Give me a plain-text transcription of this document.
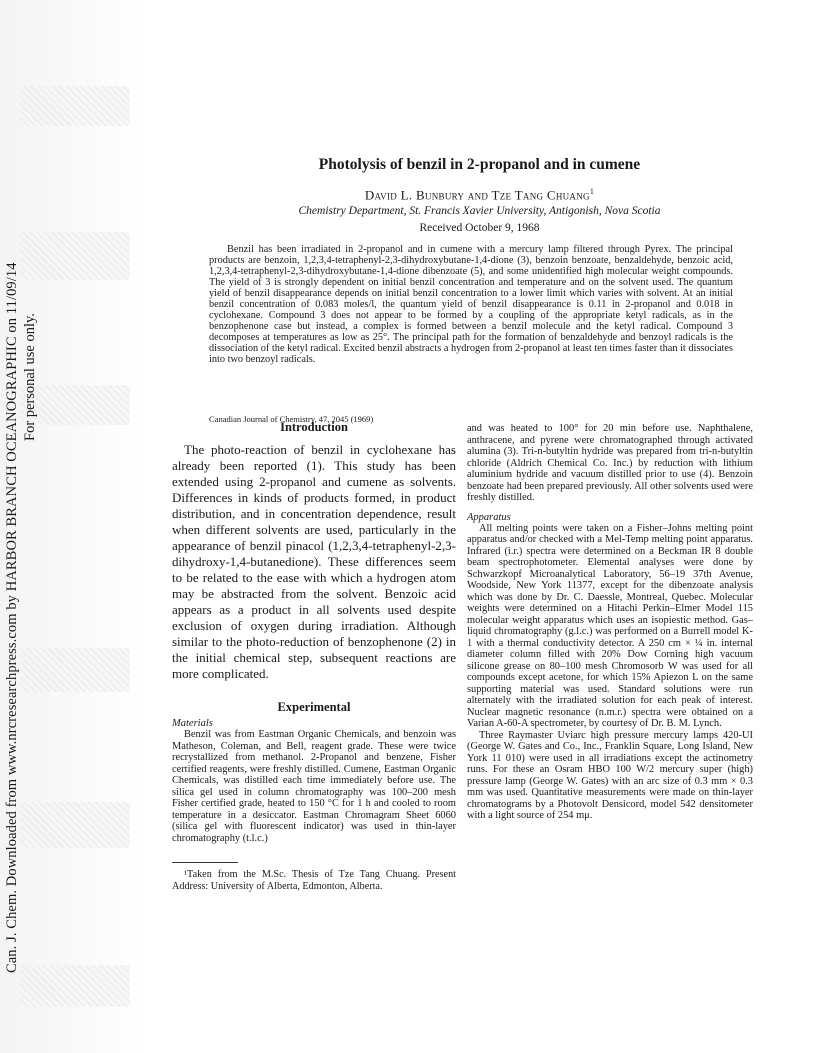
Can. J. Chem. Downloaded from www.nrcresearchpress.com by HARBOR BRANCH OCEANOGRAPHIC on 11/09/14 For personal use only.
Photolysis of benzil in 2-propanol and in cumene
David L. Bunbury and Tze Tang Chuang$^1$
Chemistry Department, St. Francis Xavier University, Antigonish, Nova Scotia
Received October 9, 1968
Benzil has been irradiated in 2-propanol and in cumene with a mercury lamp filtered through Pyrex. The principal products are benzoin, 1,2,3,4-tetraphenyl-2,3-dihydroxybutane-1,4-dione (3), benzoin benzoate, benzaldehyde, benzoic acid, 1,2,3,4-tetraphenyl-2,3-dihydroxybutane-1,4-dione dibenzoate (5), and some unidentified high molecular weight compounds. The yield of 3 is strongly dependent on initial benzil concentration and temperature and on the solvent used. The quantum yield of benzil disappearance depends on initial benzil concentration to a lower limit which varies with solvent. At an initial benzil concentration of 0.083 moles/l, the quantum yield of benzil disappearance is 0.11 in 2-propanol and 0.018 in cyclohexane. Compound 3 does not appear to be formed by a coupling of the appropriate ketyl radicals, as in the benzophenone case but instead, a complex is formed between a benzil molecule and the ketyl radical. Compound 3 decomposes at temperatures as low as 25°. The principal path for the formation of benzaldehyde and benzoyl radicals is the dissociation of the ketyl radical. Excited benzil abstracts a hydrogen from 2-propanol at least ten times faster than it dissociates into two benzoyl radicals.
Canadian Journal of Chemistry, 47, 2045 (1969)
Introduction

The photo-reaction of benzil in cyclohexane has already been reported (1). This study has been extended using 2-propanol and cumene as solvents. Differences in kinds of products formed, in product distribution, and in concentration dependence, result when different solvents are used, particularly in the appearance of benzil pinacol (1,2,3,4-tetraphenyl-2,3-dihydroxy-1,4-butanedione). These differences seem to be related to the ease with which a hydrogen atom may be abstracted from the solvent. Benzoic acid appears as a product in all solvents used despite exclusion of oxygen during irradiation. Although similar to the photo-reduction of benzophenone (2) in the initial chemical step, subsequent reactions are more complicated.

Experimental

Materials

Benzil was from Eastman Organic Chemicals, and benzoin was Matheson, Coleman, and Bell, reagent grade. These were twice recrystallized from methanol. 2-Propanol and benzene, Fisher certified reagents, were freshly distilled. Cumene, Eastman Organic Chemicals, was distilled each time immediately before use. The silica gel used in column chromatography was 100–200 mesh Fisher certified grade, heated to 150 °C for 1 h and cooled to room temperature in a desiccator. Eastman Chromagram Sheet 6060 (silica gel with fluorescent indicator) was used in thin-layer chromatography (t.l.c.)

¹Taken from the M.Sc. Thesis of Tze Tang Chuang. Present Address: University of Alberta, Edmonton, Alberta.

and was heated to 100° for 20 min before use. Naphthalene, anthracene, and pyrene were chromatographed through activated alumina (3). Tri-n-butyltin hydride was prepared from tri-n-butyltin chloride (Aldrich Chemical Co. Inc.) by reduction with lithium aluminium hydride and vacuum distilled prior to use (4). Benzoin benzoate had been prepared previously. All other solvents used were freshly distilled.

Apparatus

All melting points were taken on a Fisher–Johns melting point apparatus and/or checked with a Mel-Temp melting point apparatus. Infrared (i.r.) spectra were determined on a Beckman IR 8 double beam spectrophotometer. Elemental analyses were done by Schwarzkopf Microanalytical Laboratory, 56–19 37th Avenue, Woodside, New York 11377, except for the dibenzoate analysis which was done by Dr. C. Daessle, Montreal, Quebec. Molecular weights were determined on a Hitachi Perkin–Elmer Model 115 molecular weight apparatus which uses an isopiestic method. Gas–liquid chromatography (g.l.c.) was performed on a Burrell model K-1 with a thermal conductivity detector. A 250 cm × ¼ in. internal diameter column filled with 20% Dow Corning high vacuum silicone grease on 80–100 mesh Chromosorb W was used for all compounds except acetone, for which 15% Apiezon L on the same supporting material was used. Standard solutions were run alternately with the irradiated solution for each peak of interest. Nuclear magnetic resonance (n.m.r.) spectra were obtained on a Varian A-60-A spectrometer, by courtesy of Dr. B. M. Lynch.

Three Raymaster Uviarc high pressure mercury lamps 420-UI (George W. Gates and Co., Inc., Franklin Square, Long Island, New York 11 010) were used in all irradiations except the actinometry runs. For these an Osram HBO 100 W/2 mercury super (high) pressure lamp (George W. Gates) with an arc size of 0.3 mm × 0.3 mm was used. Quantitative measurements were made on thin-layer chromatograms by a Photovolt Densicord, model 542 densitometer with a light source of 254 mμ.
